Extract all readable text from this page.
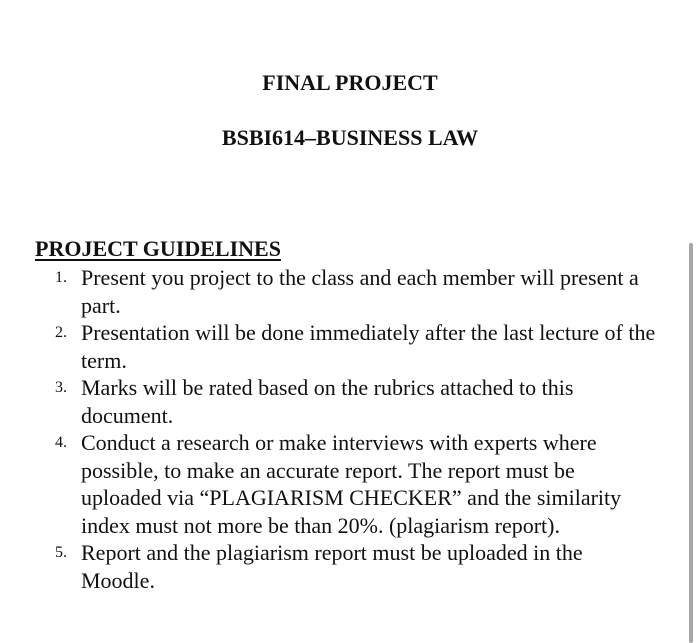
FINAL PROJECT
BSBI614–BUSINESS LAW
PROJECT GUIDELINES
1. Present you project to the class and each member will present a part.
2. Presentation will be done immediately after the last lecture of the term.
3. Marks will be rated based on the rubrics attached to this document.
4. Conduct a research or make interviews with experts where possible, to make an accurate report. The report must be uploaded via “PLAGIARISM CHECKER” and the similarity index must not more be than 20%. (plagiarism report).
5. Report and the plagiarism report must be uploaded in the Moodle.
